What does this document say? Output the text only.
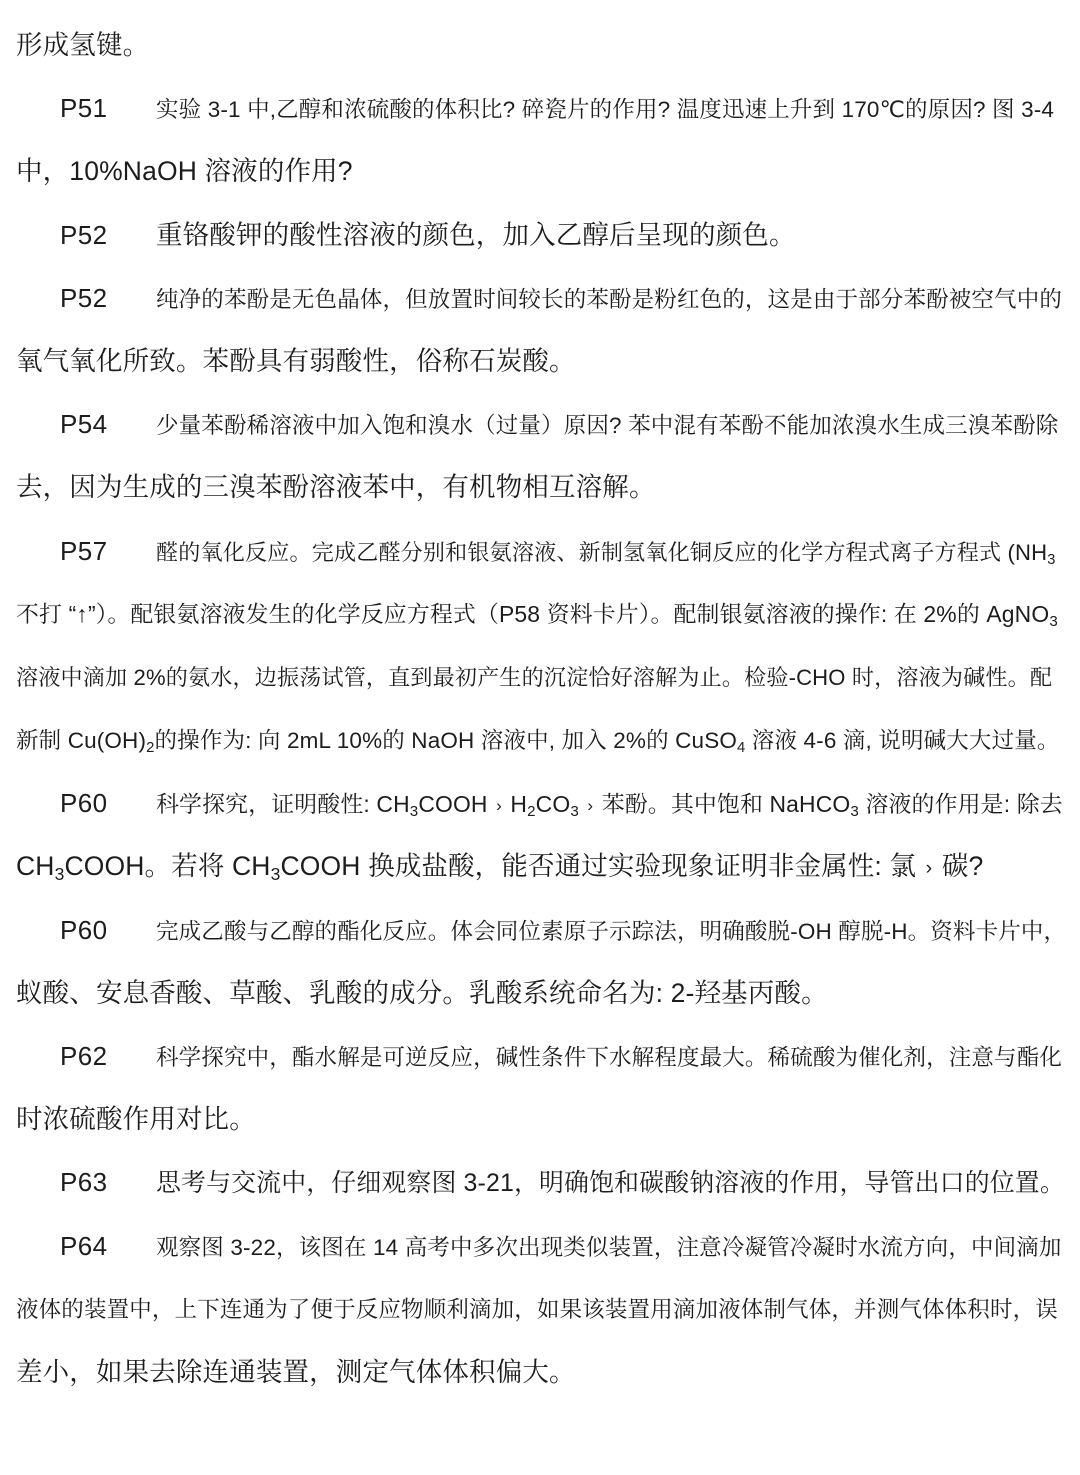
形成氢键。
P51 实验 3-1 中,乙醇和浓硫酸的体积比? 碎瓷片的作用? 温度迅速上升到 170℃的原因? 图 3-4
中，10%NaOH 溶液的作用?
P52 重铬酸钾的酸性溶液的颜色，加入乙醇后呈现的颜色。
P52 纯净的苯酚是无色晶体，但放置时间较长的苯酚是粉红色的，这是由于部分苯酚被空气中的
氧气氧化所致。苯酚具有弱酸性，俗称石炭酸。
P54 少量苯酚稀溶液中加入饱和溴水（过量）原因? 苯中混有苯酚不能加浓溴水生成三溴苯酚除
去，因为生成的三溴苯酚溶液苯中，有机物相互溶解。
P57 醛的氧化反应。完成乙醛分别和银氨溶液、新制氢氧化铜反应的化学方程式离子方程式 ($NH_3$
不打 “↑”）。配银氨溶液发生的化学反应方程式（P58 资料卡片）。配制银氨溶液的操作: 在 2%的 AgNO$_3$
溶液中滴加 2%的氨水，边振荡试管，直到最初产生的沉淀恰好溶解为止。检验-CHO 时，溶液为碱性。配
新制 $Cu(OH)_2$的操作为: 向 2mL 10%的 NaOH 溶液中, 加入 2%的 CuSO$_4$ 溶液 4-6 滴, 说明碱大大过量。
P60 科学探究，证明酸性: $CH_3COOH$ › $H_2CO_3$ › 苯酚。其中饱和 NaHCO$_3$ 溶液的作用是: 除去
$CH_3COOH$。若将 $CH_3COOH$ 换成盐酸，能否通过实验现象证明非金属性: 氯 › 碳?
P60 完成乙酸与乙醇的酯化反应。体会同位素原子示踪法，明确酸脱-OH 醇脱-H。资料卡片中，
蚁酸、安息香酸、草酸、乳酸的成分。乳酸系统命名为: 2-羟基丙酸。
P62 科学探究中，酯水解是可逆反应，碱性条件下水解程度最大。稀硫酸为催化剂，注意与酯化
时浓硫酸作用对比。
P63 思考与交流中，仔细观察图 3-21，明确饱和碳酸钠溶液的作用，导管出口的位置。
P64 观察图 3-22，该图在 14 高考中多次出现类似装置，注意冷凝管冷凝时水流方向，中间滴加
液体的装置中，上下连通为了便于反应物顺利滴加，如果该装置用滴加液体制气体，并测气体体积时，误
差小，如果去除连通装置，测定气体体积偏大。
